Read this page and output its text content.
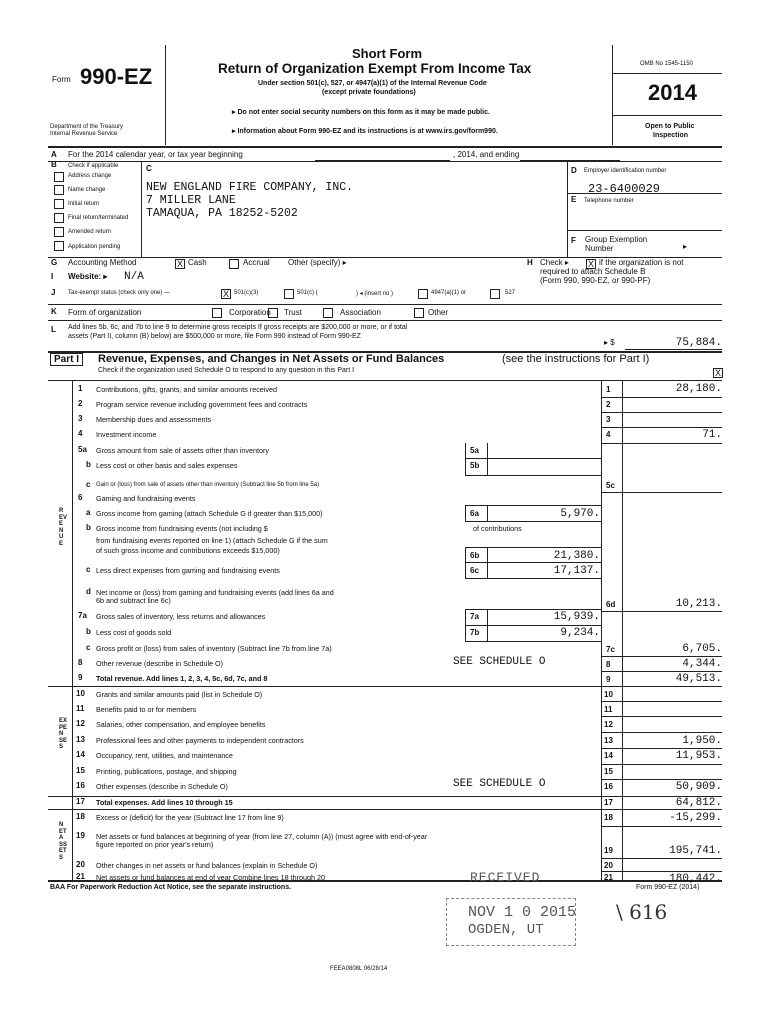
Form 990-EZ
Department of the Treasury
Internal Revenue Service
Short Form
Return of Organization Exempt From Income Tax
Under section 501(c), 527, or 4947(a)(1) of the Internal Revenue Code
(except private foundations)
▸ Do not enter social security numbers on this form as it may be made public.
▸ Information about Form 990-EZ and its instructions is at www.irs.gov/form990.
OMB No 1545-1150
2014
Open to Public
Inspection
A For the 2014 calendar year, or tax year beginning	, 2014, and ending
B Check if applicable
Address change
Name change
Initial return
Final return/terminated
Amended return
Application pending
C
NEW ENGLAND FIRE COMPANY, INC.
7 MILLER LANE
TAMAQUA, PA 18252-5202
D Employer identification number
23-6400029
E Telephone number
F Group Exemption
Number	▸
G Accounting Method	X Cash	Accrual Other (specify) ▸	H Check ▸ X if the organization is not
required to attach Schedule B
(Form 990, 990-EZ, or 990-PF)
I Website: ▸ N/A
J Tax-exempt status (check only one) —	X 501(c)(3)	501(c) (	) ◂ (insert no )	4947(a)(1) or	527
K Form of organization	Corporation Trust	Association	Other
L Add lines 5b, 6c, and 7b to line 9 to determine gross receipts If gross receipts are $200,000 or more, or if total
assets (Part II, column (B) below) are $500,000 or more, file Form 990 instead of Form 990-EZ
▸ $	75,884.
Part I	Revenue, Expenses, and Changes in Net Assets or Fund Balances	(see the instructions for Part I)
Check if the organization used Schedule O to respond to any question in this Part I	X
REVENUE
EXPENSES
NET ASSETS
1 Contributions, gifts, grants, and similar amounts received	1	28,180.
2 Program service revenue including government fees and contracts	2
3 Membership dues and assessments	3
4 Investment income	4	71.
5a Gross amount from sale of assets other than inventory	5a
b Less cost or other basis and sales expenses	5b
c Gain or (loss) from sale of assets other than inventory (Subtract line 5b from line 5a)	5c
6 Gaming and fundraising events
a Gross income from gaming (attach Schedule G if greater than $15,000)	6a	5,970.
b Gross income from fundraising events (not including $	of contributions
from fundraising events reported on line 1) (attach Schedule G if the sum
of such gross income and contributions exceeds $15,000)
6b	21,380.
c Less direct expenses from gaming and fundraising events	6c	17,137.
d Net income or (loss) from gaming and fundraising events (add lines 6a and
6b and subtract line 6c)	6d	10,213.
7a Gross sales of inventory, less returns and allowances	7a	15,939.
b Less cost of goods sold	7b	9,234.
c Gross profit or (loss) from sales of inventory (Subtract line 7b from line 7a)	7c	6,705.
8 Other revenue (describe in Schedule O)	SEE SCHEDULE O	8	4,344.
9 Total revenue. Add lines 1, 2, 3, 4, 5c, 6d, 7c, and 8	9	49,513.
10 Grants and similar amounts paid (list in Schedule O)	10
11 Benefits paid to or for members	11
12 Salaries, other compensation, and employee benefits	12
13 Professional fees and other payments to independent contractors	13	1,950.
14 Occupancy, rent, utilities, and maintenance	14	11,953.
15 Printing, publications, postage, and shipping	15
16 Other expenses (describe in Schedule O)	SEE SCHEDULE O	16	50,909.
17 Total expenses. Add lines 10 through 15	17	64,812.
18 Excess or (deficit) for the year (Subtract line 17 from line 9)	18	-15,299.
19 Net assets or fund balances at beginning of year (from line 27, column (A)) (must agree with end-of-year
figure reported on prior year's return)
19	195,741.
20 Other changes in net assets or fund balances (explain in Schedule O)	20
21 Net assets or fund balances at end of year Combine lines 18 through 20	21	180,442.
BAA For Paperwork Reduction Act Notice, see the separate instructions.	Form 990-EZ (2014)
FEEA0808L 06/28/14
RECEIVED
NOV 1 0 2015
OGDEN, UT
\ 616
